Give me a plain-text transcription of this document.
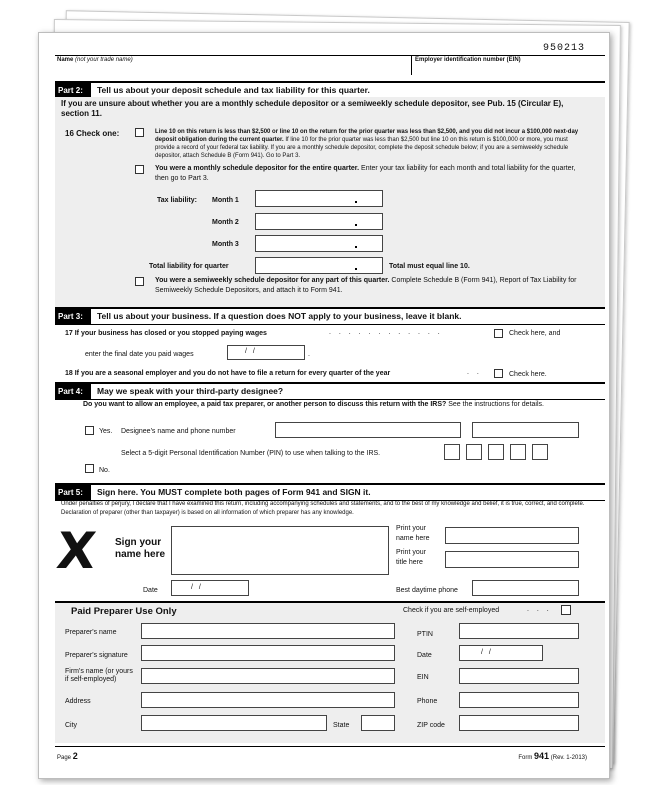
950213
Name (not your trade name)	Employer identification number (EIN)
Part 2:	Tell us about your deposit schedule and tax liability for this quarter.
If you are unsure about whether you are a monthly schedule depositor or a semiweekly schedule depositor, see Pub. 15 (Circular E), section 11.
16 Check one:	Line 10 on this return is less than $2,500 or line 10 on the return for the prior quarter was less than $2,500, and you did not incur a $100,000 next-day deposit obligation during the current quarter. If line 10 for the prior quarter was less than $2,500 but line 10 on this return is $100,000 or more, you must provide a record of your federal tax liability. If you are a monthly schedule depositor, complete the deposit schedule below; if you are a semiweekly schedule depositor, attach Schedule B (Form 941). Go to Part 3.
You were a monthly schedule depositor for the entire quarter. Enter your tax liability for each month and total liability for the quarter, then go to Part 3.
Tax liability: Month 1
Month 2
Month 3
Total liability for quarter	Total must equal line 10.
You were a semiweekly schedule depositor for any part of this quarter. Complete Schedule B (Form 941), Report of Tax Liability for Semiweekly Schedule Depositors, and attach it to Form 941.
Part 3:	Tell us about your business. If a question does NOT apply to your business, leave it blank.
17 If your business has closed or you stopped paying wages	. . . . . . . . . . . .	Check here, and
enter the final date you paid wages	/ /	.
18 If you are a seasonal employer and you do not have to file a return for every quarter of the year	. .	Check here.
Part 4:	May we speak with your third-party designee?
Do you want to allow an employee, a paid tax preparer, or another person to discuss this return with the IRS? See the instructions for details.
Yes. Designee's name and phone number
Select a 5-digit Personal Identification Number (PIN) to use when talking to the IRS.
No.
Part 5:	Sign here. You MUST complete both pages of Form 941 and SIGN it.
Under penalties of perjury, I declare that I have examined this return, including accompanying schedules and statements, and to the best of my knowledge and belief, it is true, correct, and complete. Declaration of preparer (other than taxpayer) is based on all information of which preparer has any knowledge.
X Sign your
name here
Print your
name here
Print your
title here
Date	/ /	Best daytime phone
Paid Preparer Use Only	Check if you are self-employed	. . .
Preparer's name	PTIN
Preparer's signature	Date	/ /
Firm's name (or yours
if self-employed)	EIN
Address	Phone
City	State	ZIP code
Page 2	Form 941 (Rev. 1-2013)
